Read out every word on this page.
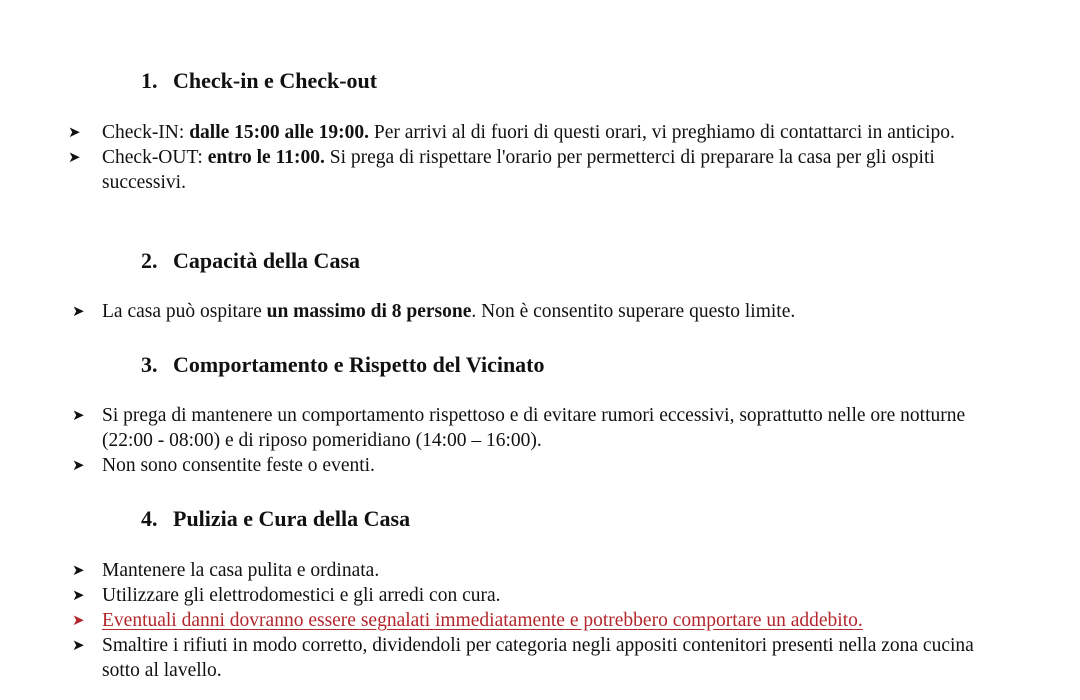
1. Check-in e Check-out
➤ Check-IN: dalle 15:00 alle 19:00. Per arrivi al di fuori di questi orari, vi preghiamo di contattarci in anticipo.
➤ Check-OUT: entro le 11:00. Si prega di rispettare l'orario per permetterci di preparare la casa per gli ospiti successivi.
2. Capacità della Casa
➤ La casa può ospitare un massimo di 8 persone. Non è consentito superare questo limite.
3. Comportamento e Rispetto del Vicinato
➤ Si prega di mantenere un comportamento rispettoso e di evitare rumori eccessivi, soprattutto nelle ore notturne (22:00 - 08:00) e di riposo pomeridiano (14:00 – 16:00).
➤ Non sono consentite feste o eventi.
4. Pulizia e Cura della Casa
➤ Mantenere la casa pulita e ordinata.
➤ Utilizzare gli elettrodomestici e gli arredi con cura.
➤ Eventuali danni dovranno essere segnalati immediatamente e potrebbero comportare un addebito.
➤ Smaltire i rifiuti in modo corretto, dividendoli per categoria negli appositi contenitori presenti nella zona cucina sotto al lavello.
